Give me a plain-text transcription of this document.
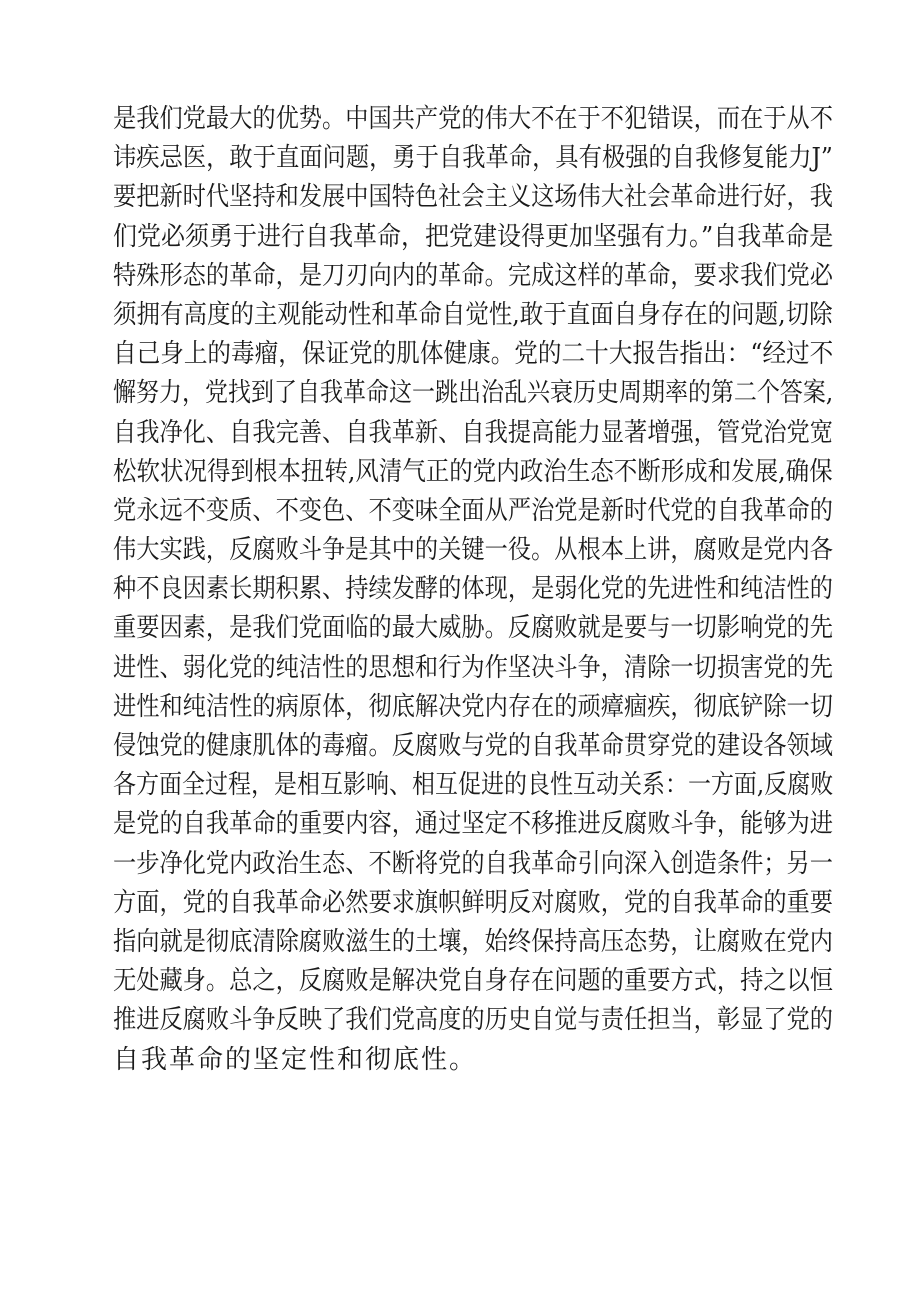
是我们党最大的优势。中国共产党的伟大不在于不犯错误，而在于从不
讳疾忌医，敢于直面问题，勇于自我革命，具有极强的自我修复能力J”
要把新时代坚持和发展中国特色社会主义这场伟大社会革命进行好，我
们党必须勇于进行自我革命，把党建设得更加坚强有力。”自我革命是
特殊形态的革命，是刀刃向内的革命。完成这样的革命，要求我们党必
须拥有高度的主观能动性和革命自觉性,敢于直面自身存在的问题,切除
自己身上的毒瘤，保证党的肌体健康。党的二十大报告指出：“经过不
懈努力，党找到了自我革命这一跳出治乱兴衰历史周期率的第二个答案,
自我净化、自我完善、自我革新、自我提高能力显著增强，管党治党宽
松软状况得到根本扭转,风清气正的党内政治生态不断形成和发展,确保
党永远不变质、不变色、不变味全面从严治党是新时代党的自我革命的
伟大实践，反腐败斗争是其中的关键一役。从根本上讲，腐败是党内各
种不良因素长期积累、持续发酵的体现，是弱化党的先进性和纯洁性的
重要因素，是我们党面临的最大威胁。反腐败就是要与一切影响党的先
进性、弱化党的纯洁性的思想和行为作坚决斗争，清除一切损害党的先
进性和纯洁性的病原体，彻底解决党内存在的顽瘴痼疾，彻底铲除一切
侵蚀党的健康肌体的毒瘤。反腐败与党的自我革命贯穿党的建设各领域
各方面全过程，是相互影响、相互促进的良性互动关系：一方面,反腐败
是党的自我革命的重要内容，通过坚定不移推进反腐败斗争，能够为进
一步净化党内政治生态、不断将党的自我革命引向深入创造条件；另一
方面，党的自我革命必然要求旗帜鲜明反对腐败，党的自我革命的重要
指向就是彻底清除腐败滋生的土壤，始终保持高压态势，让腐败在党内
无处藏身。总之，反腐败是解决党自身存在问题的重要方式，持之以恒
推进反腐败斗争反映了我们党高度的历史自觉与责任担当，彰显了党的
自我革命的坚定性和彻底性。
